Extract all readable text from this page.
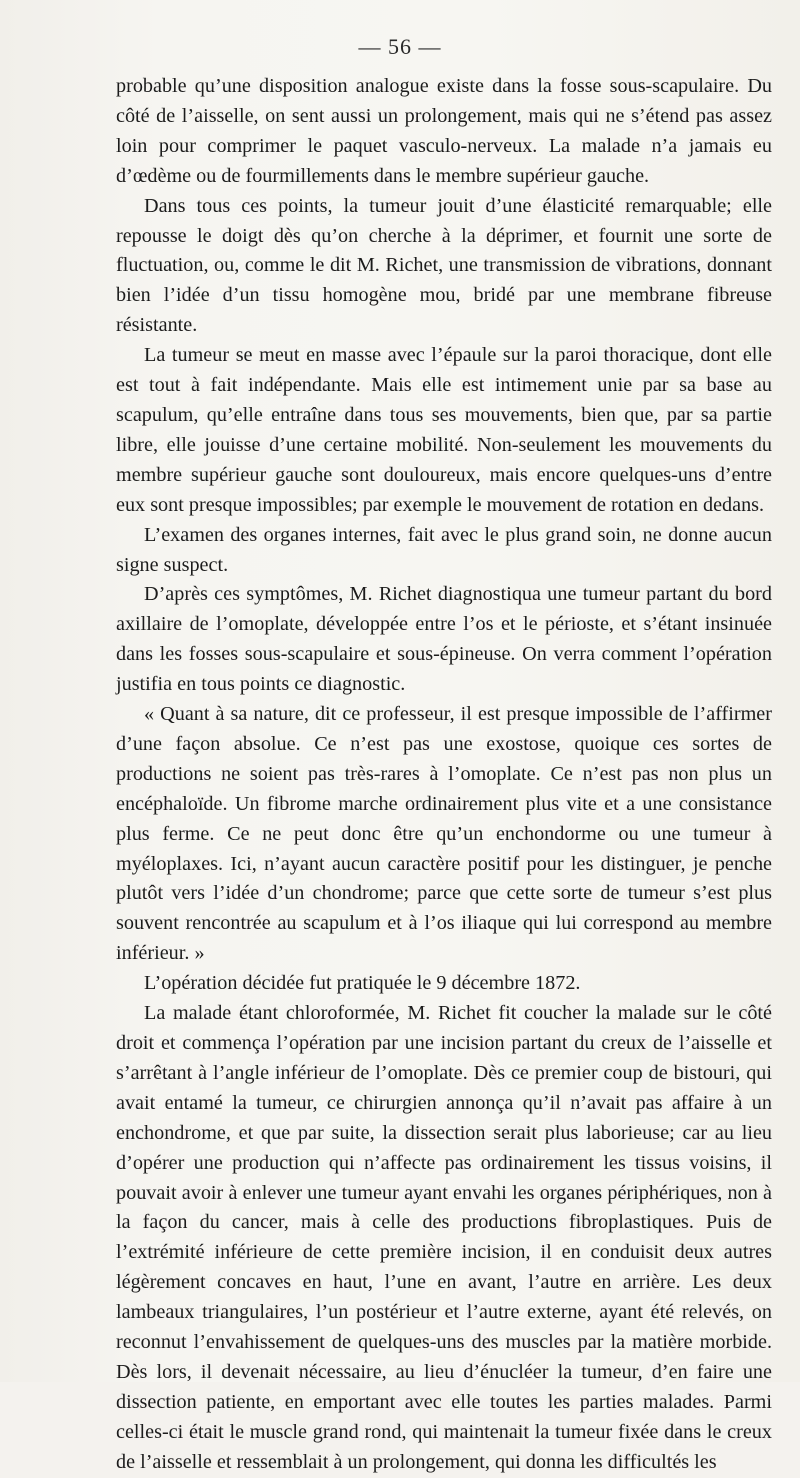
— 56 —

probable qu’une disposition analogue existe dans la fosse sous-scapulaire. Du côté de l’aisselle, on sent aussi un prolongement, mais qui ne s’étend pas assez loin pour comprimer le paquet vasculo-nerveux. La malade n’a jamais eu d’œdème ou de fourmillements dans le membre supérieur gauche.

Dans tous ces points, la tumeur jouit d’une élasticité remarquable; elle repousse le doigt dès qu’on cherche à la déprimer, et fournit une sorte de fluctuation, ou, comme le dit M. Richet, une transmission de vibrations, donnant bien l’idée d’un tissu homogène mou, bridé par une membrane fibreuse résistante.

La tumeur se meut en masse avec l’épaule sur la paroi thoracique, dont elle est tout à fait indépendante. Mais elle est intimement unie par sa base au scapulum, qu’elle entraîne dans tous ses mouvements, bien que, par sa partie libre, elle jouisse d’une certaine mobilité. Non-seulement les mouvements du membre supérieur gauche sont douloureux, mais encore quelques-uns d’entre eux sont presque impossibles; par exemple le mouvement de rotation en dedans.

L’examen des organes internes, fait avec le plus grand soin, ne donne aucun signe suspect.

D’après ces symptômes, M. Richet diagnostiqua une tumeur partant du bord axillaire de l’omoplate, développée entre l’os et le périoste, et s’étant insinuée dans les fosses sous-scapulaire et sous-épineuse. On verra comment l’opération justifia en tous points ce diagnostic.

« Quant à sa nature, dit ce professeur, il est presque impossible de l’affirmer d’une façon absolue. Ce n’est pas une exostose, quoique ces sortes de productions ne soient pas très-rares à l’omoplate. Ce n’est pas non plus un encéphaloïde. Un fibrome marche ordinairement plus vite et a une consistance plus ferme. Ce ne peut donc être qu’un enchondorme ou une tumeur à myéloplaxes. Ici, n’ayant aucun caractère positif pour les distinguer, je penche plutôt vers l’idée d’un chondrome; parce que cette sorte de tumeur s’est plus souvent rencontrée au scapulum et à l’os iliaque qui lui correspond au membre inférieur. »

L’opération décidée fut pratiquée le 9 décembre 1872.

La malade étant chloroformée, M. Richet fit coucher la malade sur le côté droit et commença l’opération par une incision partant du creux de l’aisselle et s’arrêtant à l’angle inférieur de l’omoplate. Dès ce premier coup de bistouri, qui avait entamé la tumeur, ce chirurgien annonça qu’il n’avait pas affaire à un enchondrome, et que par suite, la dissection serait plus laborieuse; car au lieu d’opérer une production qui n’affecte pas ordinairement les tissus voisins, il pouvait avoir à enlever une tumeur ayant envahi les organes périphériques, non à la façon du cancer, mais à celle des productions fibroplastiques. Puis de l’extrémité inférieure de cette première incision, il en conduisit deux autres légèrement concaves en haut, l’une en avant, l’autre en arrière. Les deux lambeaux triangulaires, l’un postérieur et l’autre externe, ayant été relevés, on reconnut l’envahissement de quelques-uns des muscles par la matière morbide. Dès lors, il devenait nécessaire, au lieu d’énucléer la tumeur, d’en faire une dissection patiente, en emportant avec elle toutes les parties malades. Parmi celles-ci était le muscle grand rond, qui maintenait la tumeur fixée dans le creux de l’aisselle et ressemblait à un prolongement, qui donna les difficultés les
